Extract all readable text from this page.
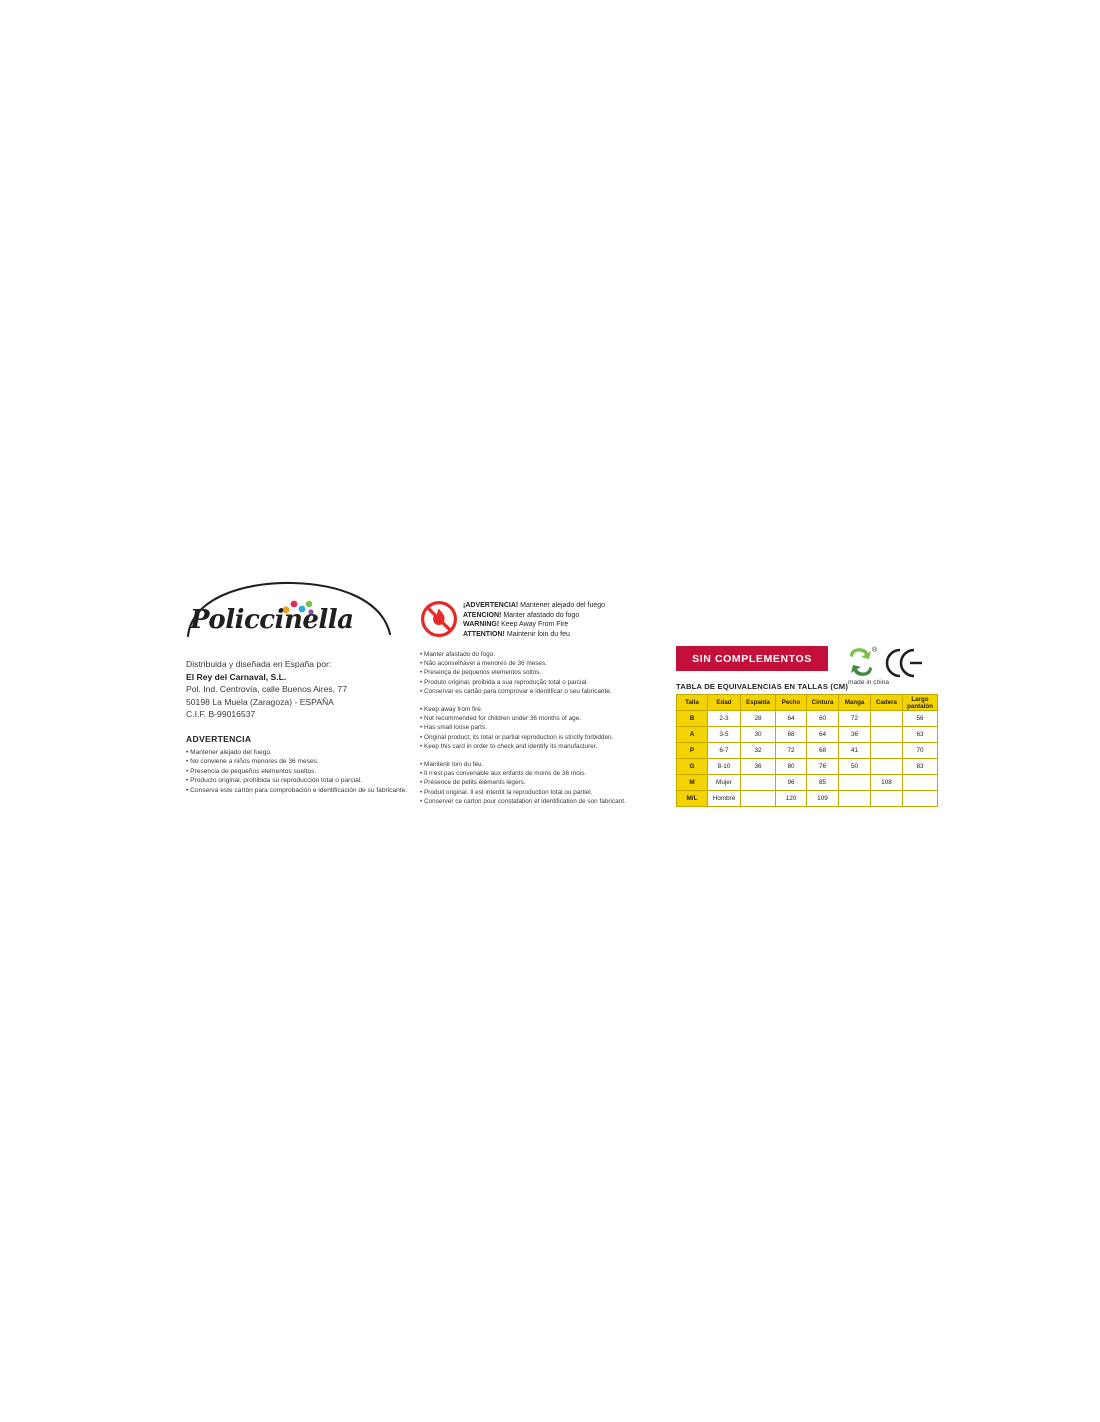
Policcinella
Distribuida y diseñada en España por:
El Rey del Carnaval, S.L.
Pol. Ind. Centrovía, calle Buenos Aires, 77
50198 La Muela (Zaragoza) - ESPAÑA
C.I.F. B-99016537
ADVERTENCIA
• Mantener alejado del fuego.
• No conviene a niños menores de 36 meses.
• Presencia de pequeños elementos sueltos.
• Producto original, prohibida su reproducción total o parcial.
• Conserva este cartón para comprobación e identificación de su fabricante.
¡ADVERTENCIA! Mantener alejado del fuego
ATENCION! Manter afastado do fogo
WARNING! Keep Away From Fire
ATTENTION! Maintenir loin du feu
• Manter afastado do fogo.
• Não aconselhável a menores de 36 meses.
• Presença de pequenos elementos soltos.
• Produto original, proibida a sua reprodução total o parcial.
• Conservar es cartão para comprovar e identificar o seu fabricante.
• Keep away from fire.
• Not recommended for children under 36 months of age.
• Has small loose parts.
• Original product; its total or partial reproduction is strictly forbidden.
• Keep this card in order to check and identify its manufacturer.
• Maintenir loin du feu.
• Il n'est pas convenable aux enfants de moins de 36 mois.
• Présence de petits éléments légers.
• Produit original. Il est interdit la reproduction total ou partiel.
• Conserver ce carton pour constatation et identification de son fabricant.
SIN COMPLEMENTOS
®
made in china
TABLA DE EQUIVALENCIAS EN TALLAS (CM)
Talla	Edad	Espalda	Pecho	Cintura	Manga	Cadera	Largo pantalón
B	2-3	28	64	60	72		56
A	3-5	30	68	64	36		63
P	6-7	32	72	68	41		70
G	8-10	36	80	76	50		83
M	Mujer		96	85		108	
M/L	Hombre		120	109			
